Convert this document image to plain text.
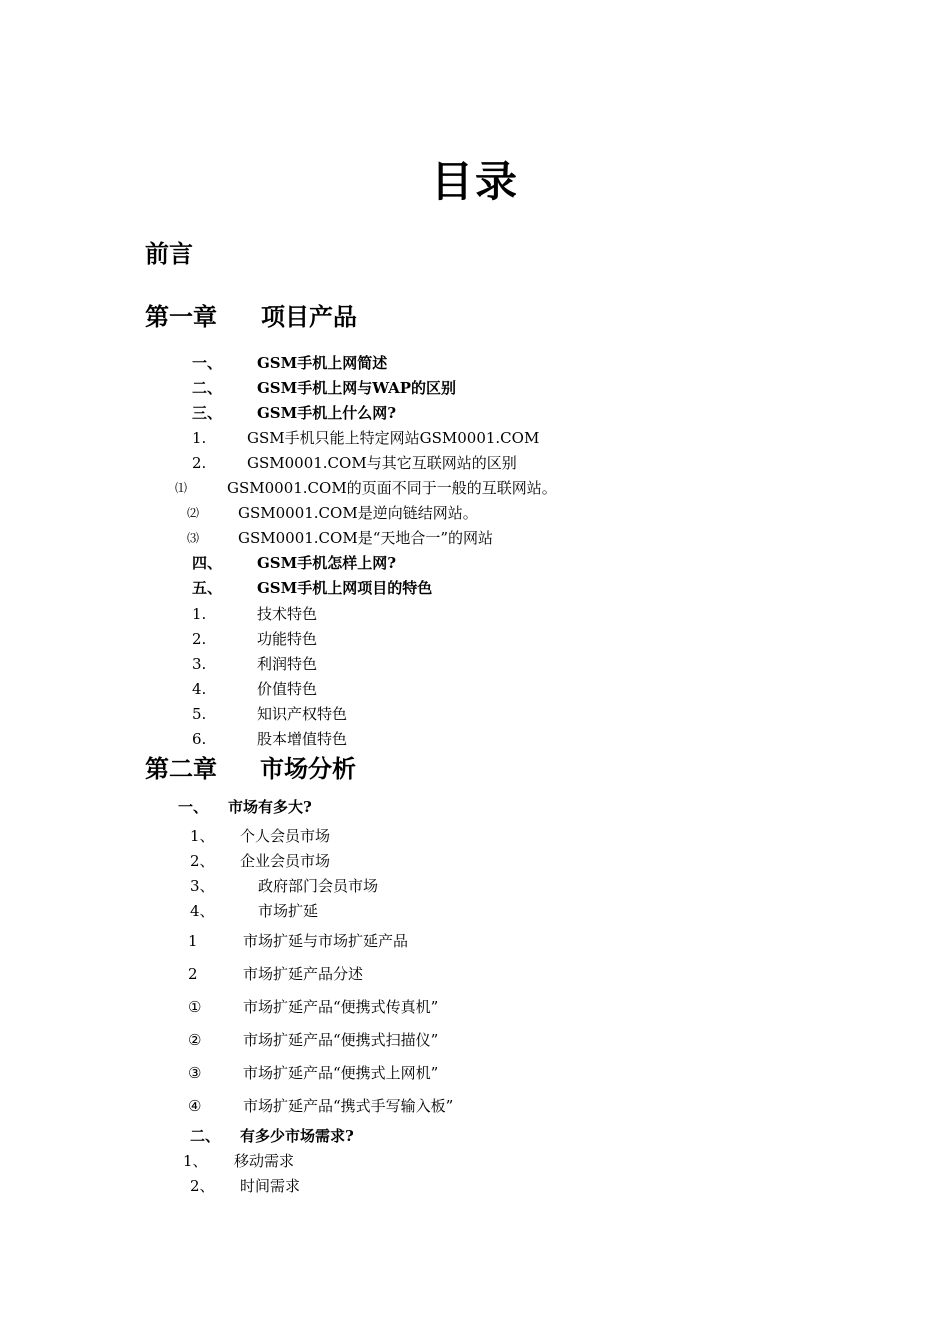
目录
前言
第一章 项目产品
一、 GSM手机上网简述
二、 GSM手机上网与WAP的区别
三、 GSM手机上什么网?
1.	GSM手机只能上特定网站GSM0001.COM
2.	GSM0001.COM与其它互联网站的区别
⑴	GSM0001.COM的页面不同于一般的互联网站。
⑵	GSM0001.COM是逆向链结网站。
⑶	GSM0001.COM是“天地合一”的网站
四、 GSM手机怎样上网?
五、 GSM手机上网项目的特色
1.	技术特色
2.	功能特色
3.	利润特色
4.	价值特色
5.	知识产权特色
6.	股本增值特色
第二章 市场分析
一、 市场有多大?
1、 个人会员市场
2、 企业会员市场
3、	政府部门会员市场
4、	市场扩延
1	市场扩延与市场扩延产品
2	市场扩延产品分述
①	市场扩延产品“便携式传真机”
②	市场扩延产品“便携式扫描仪”
③	市场扩延产品“便携式上网机”
④	市场扩延产品“携式手写输入板”
二、 有多少市场需求?
1、 移动需求
2、 时间需求
